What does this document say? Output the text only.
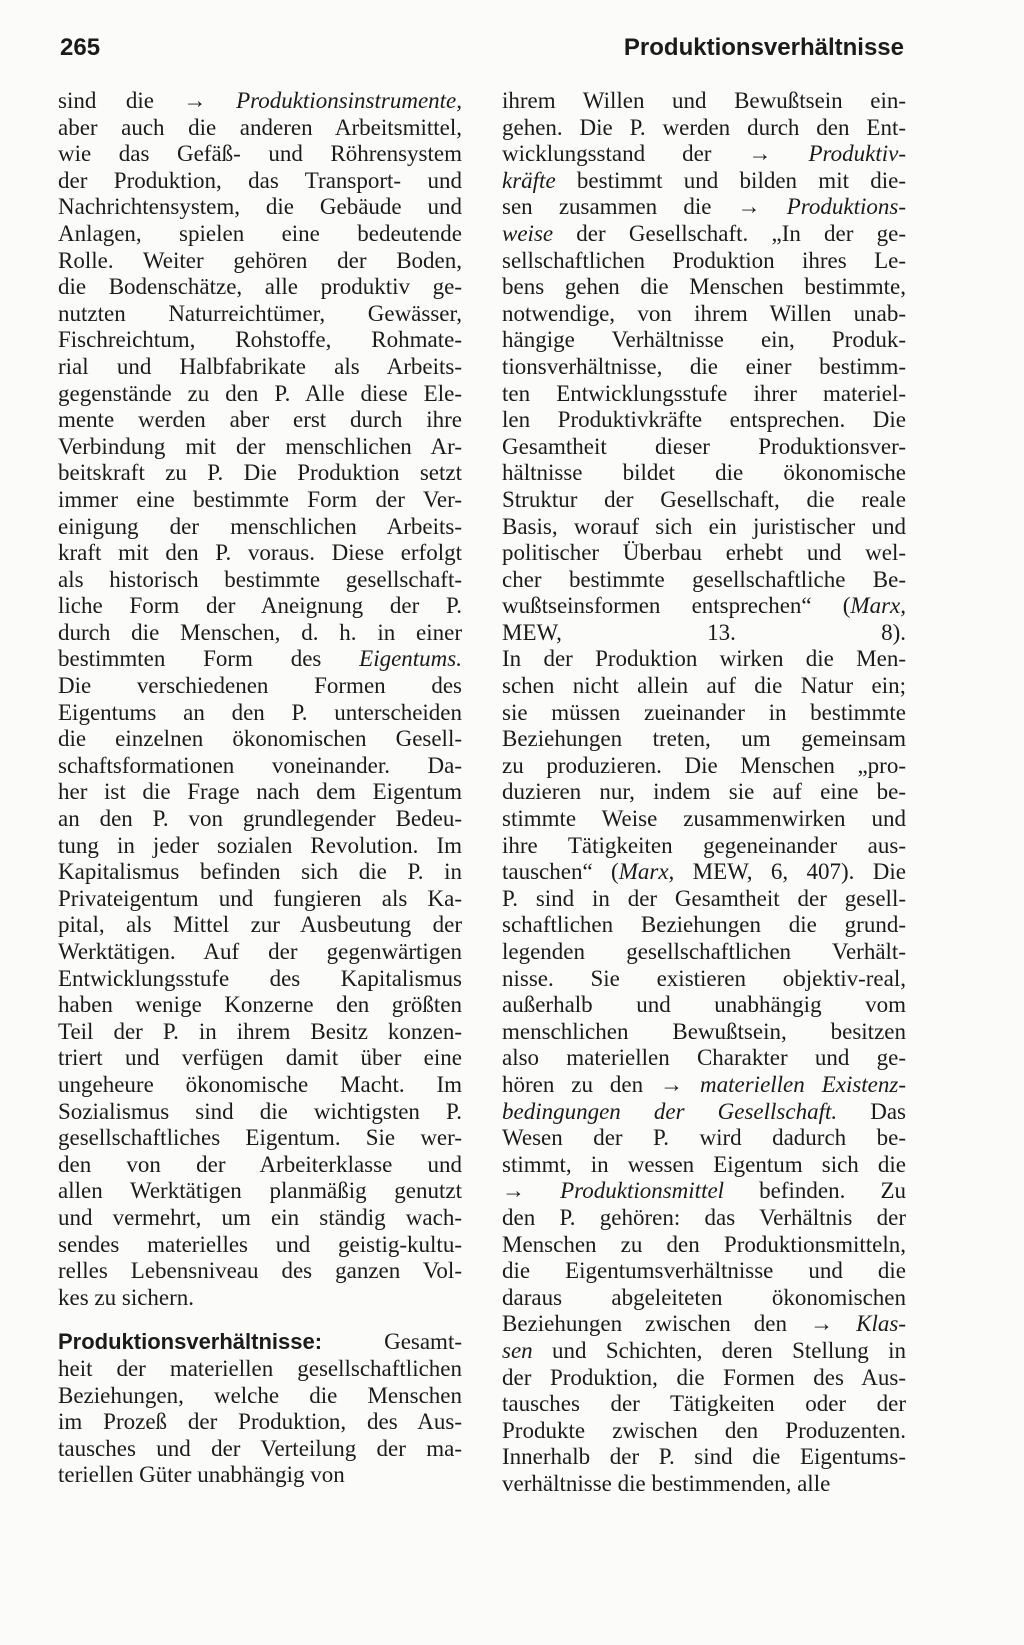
265	Produktionsverhältnisse
sind die → Produktionsinstrumente,
aber auch die anderen Arbeitsmittel,
wie das Gefäß- und Röhrensystem
der Produktion, das Transport- und
Nachrichtensystem, die Gebäude und
Anlagen, spielen eine bedeutende
Rolle. Weiter gehören der Boden,
die Bodenschätze, alle produktiv ge-
nutzten Naturreichtümer, Gewässer,
Fischreichtum, Rohstoffe, Rohmate-
rial und Halbfabrikate als Arbeits-
gegenstände zu den P. Alle diese Ele-
mente werden aber erst durch ihre
Verbindung mit der menschlichen Ar-
beitskraft zu P. Die Produktion setzt
immer eine bestimmte Form der Ver-
einigung der menschlichen Arbeits-
kraft mit den P. voraus. Diese erfolgt
als historisch bestimmte gesellschaft-
liche Form der Aneignung der P.
durch die Menschen, d. h. in einer
bestimmten Form des Eigentums.
Die verschiedenen Formen des
Eigentums an den P. unterscheiden
die einzelnen ökonomischen Gesell-
schaftsformationen voneinander. Da-
her ist die Frage nach dem Eigentum
an den P. von grundlegender Bedeu-
tung in jeder sozialen Revolution. Im
Kapitalismus befinden sich die P. in
Privateigentum und fungieren als Ka-
pital, als Mittel zur Ausbeutung der
Werktätigen. Auf der gegenwärtigen
Entwicklungsstufe des Kapitalismus
haben wenige Konzerne den größten
Teil der P. in ihrem Besitz konzen-
triert und verfügen damit über eine
ungeheure ökonomische Macht. Im
Sozialismus sind die wichtigsten P.
gesellschaftliches Eigentum. Sie wer-
den von der Arbeiterklasse und
allen Werktätigen planmäßig genutzt
und vermehrt, um ein ständig wach-
sendes materielles und geistig-kultu-
relles Lebensniveau des ganzen Vol-
kes zu sichern.
Produktionsverhältnisse:	Gesamt-
heit der materiellen gesellschaftlichen
Beziehungen, welche die Menschen
im Prozeß der Produktion, des Aus-
tausches und der Verteilung der ma-
teriellen Güter unabhängig von
ihrem Willen und Bewußtsein ein-
gehen. Die P. werden durch den Ent-
wicklungsstand der → Produktiv-
kräfte bestimmt und bilden mit die-
sen zusammen die → Produktions-
weise der Gesellschaft. „In der ge-
sellschaftlichen Produktion ihres Le-
bens gehen die Menschen bestimmte,
notwendige, von ihrem Willen unab-
hängige Verhältnisse ein, Produk-
tionsverhältnisse, die einer bestimm-
ten Entwicklungsstufe ihrer materiel-
len Produktivkräfte entsprechen. Die
Gesamtheit dieser Produktionsver-
hältnisse bildet die ökonomische
Struktur der Gesellschaft, die reale
Basis, worauf sich ein juristischer und
politischer Überbau erhebt und wel-
cher bestimmte gesellschaftliche Be-
wußtseinsformen entsprechen“ (Marx,
MEW, 13. 8).
In der Produktion wirken die Men-
schen nicht allein auf die Natur ein;
sie müssen zueinander in bestimmte
Beziehungen treten, um gemeinsam
zu produzieren. Die Menschen „pro-
duzieren nur, indem sie auf eine be-
stimmte Weise zusammenwirken und
ihre Tätigkeiten gegeneinander aus-
tauschen“ (Marx, MEW, 6, 407). Die
P. sind in der Gesamtheit der gesell-
schaftlichen Beziehungen die grund-
legenden gesellschaftlichen Verhält-
nisse. Sie existieren objektiv-real,
außerhalb und unabhängig vom
menschlichen Bewußtsein, besitzen
also materiellen Charakter und ge-
hören zu den → materiellen Existenz-
bedingungen der Gesellschaft. Das
Wesen der P. wird dadurch be-
stimmt, in wessen Eigentum sich die
→ Produktionsmittel befinden. Zu
den P. gehören: das Verhältnis der
Menschen zu den Produktionsmitteln,
die Eigentumsverhältnisse und die
daraus abgeleiteten ökonomischen
Beziehungen zwischen den → Klas-
sen und Schichten, deren Stellung in
der Produktion, die Formen des Aus-
tausches der Tätigkeiten oder der
Produkte zwischen den Produzenten.
Innerhalb der P. sind die Eigentums-
verhältnisse die bestimmenden, alle
